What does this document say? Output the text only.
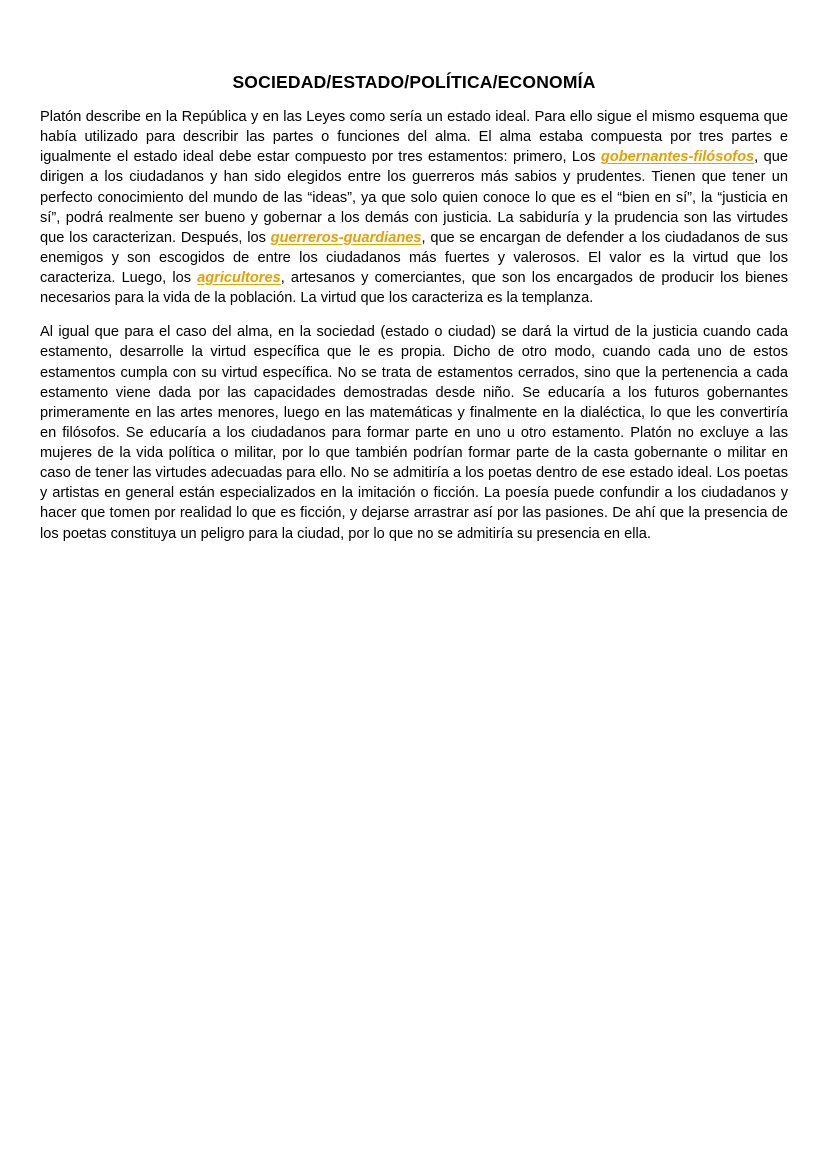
SOCIEDAD/ESTADO/POLÍTICA/ECONOMÍA

Platón describe en la República y en las Leyes como sería un estado ideal. Para ello sigue el mismo esquema que había utilizado para describir las partes o funciones del alma. El alma estaba compuesta por tres partes e igualmente el estado ideal debe estar compuesto por tres estamentos: primero, Los gobernantes-filósofos, que dirigen a los ciudadanos y han sido elegidos entre los guerreros más sabios y prudentes. Tienen que tener un perfecto conocimiento del mundo de las “ideas”, ya que solo quien conoce lo que es el “bien en sí”, la “justicia en sí”, podrá realmente ser bueno y gobernar a los demás con justicia. La sabiduría y la prudencia son las virtudes que los caracterizan. Después, los guerreros-guardianes, que se encargan de defender a los ciudadanos de sus enemigos y son escogidos de entre los ciudadanos más fuertes y valerosos. El valor es la virtud que los caracteriza. Luego, los agricultores, artesanos y comerciantes, que son los encargados de producir los bienes necesarios para la vida de la población. La virtud que los caracteriza es la templanza.

Al igual que para el caso del alma, en la sociedad (estado o ciudad) se dará la virtud de la justicia cuando cada estamento, desarrolle la virtud específica que le es propia. Dicho de otro modo, cuando cada uno de estos estamentos cumpla con su virtud específica. No se trata de estamentos cerrados, sino que la pertenencia a cada estamento viene dada por las capacidades demostradas desde niño. Se educaría a los futuros gobernantes primeramente en las artes menores, luego en las matemáticas y finalmente en la dialéctica, lo que les convertiría en filósofos. Se educaría a los ciudadanos para formar parte en uno u otro estamento. Platón no excluye a las mujeres de la vida política o militar, por lo que también podrían formar parte de la casta gobernante o militar en caso de tener las virtudes adecuadas para ello. No se admitiría a los poetas dentro de ese estado ideal. Los poetas y artistas en general están especializados en la imitación o ficción. La poesía puede confundir a los ciudadanos y hacer que tomen por realidad lo que es ficción, y dejarse arrastrar así por las pasiones. De ahí que la presencia de los poetas constituya un peligro para la ciudad, por lo que no se admitiría su presencia en ella.
